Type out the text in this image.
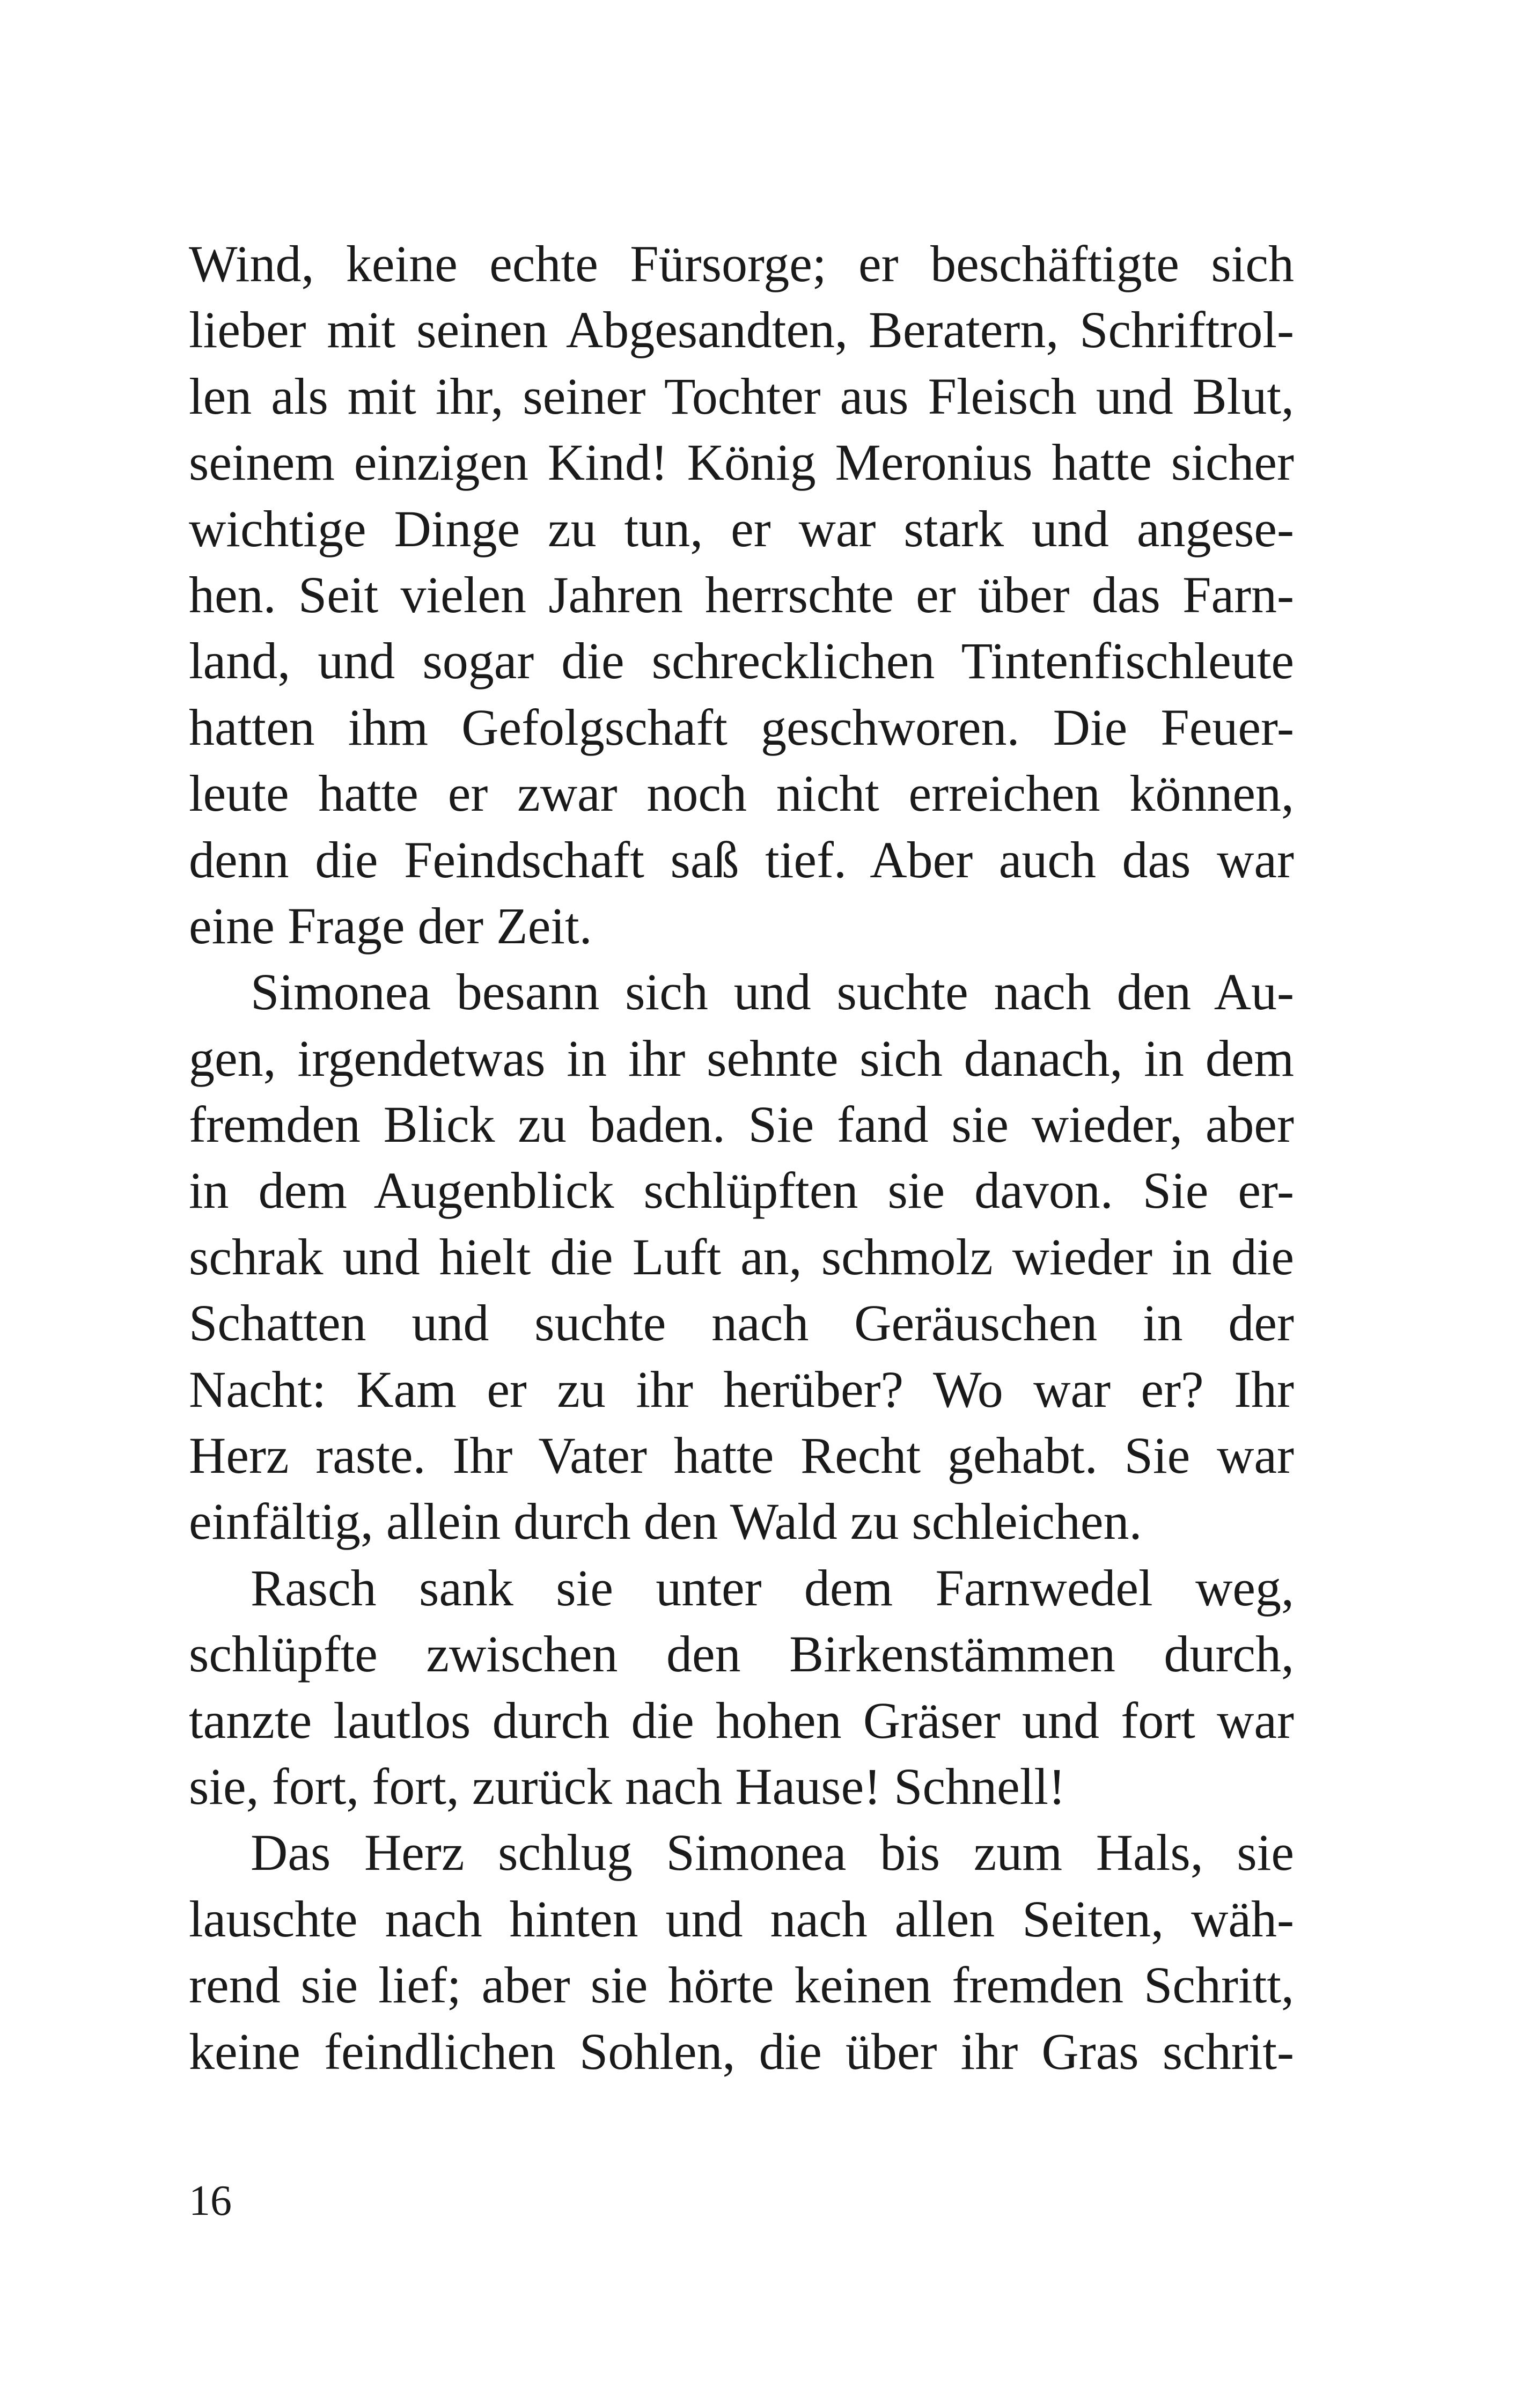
Wind, keine echte Fürsorge; er beschäftigte sich
lieber mit seinen Abgesandten, Beratern, Schriftrol-
len als mit ihr, seiner Tochter aus Fleisch und Blut,
seinem einzigen Kind! König Meronius hatte sicher
wichtige Dinge zu tun, er war stark und angese-
hen. Seit vielen Jahren herrschte er über das Farn-
land, und sogar die schrecklichen Tintenfischleute
hatten ihm Gefolgschaft geschworen. Die Feuer-
leute hatte er zwar noch nicht erreichen können,
denn die Feindschaft saß tief. Aber auch das war
eine Frage der Zeit.
Simonea besann sich und suchte nach den Au-
gen, irgendetwas in ihr sehnte sich danach, in dem
fremden Blick zu baden. Sie fand sie wieder, aber
in dem Augenblick schlüpften sie davon. Sie er-
schrak und hielt die Luft an, schmolz wieder in die
Schatten und suchte nach Geräuschen in der
Nacht: Kam er zu ihr herüber? Wo war er? Ihr
Herz raste. Ihr Vater hatte Recht gehabt. Sie war
einfältig, allein durch den Wald zu schleichen.
Rasch sank sie unter dem Farnwedel weg,
schlüpfte zwischen den Birkenstämmen durch,
tanzte lautlos durch die hohen Gräser und fort war
sie, fort, fort, zurück nach Hause! Schnell!
Das Herz schlug Simonea bis zum Hals, sie
lauschte nach hinten und nach allen Seiten, wäh-
rend sie lief; aber sie hörte keinen fremden Schritt,
keine feindlichen Sohlen, die über ihr Gras schrit-
16
